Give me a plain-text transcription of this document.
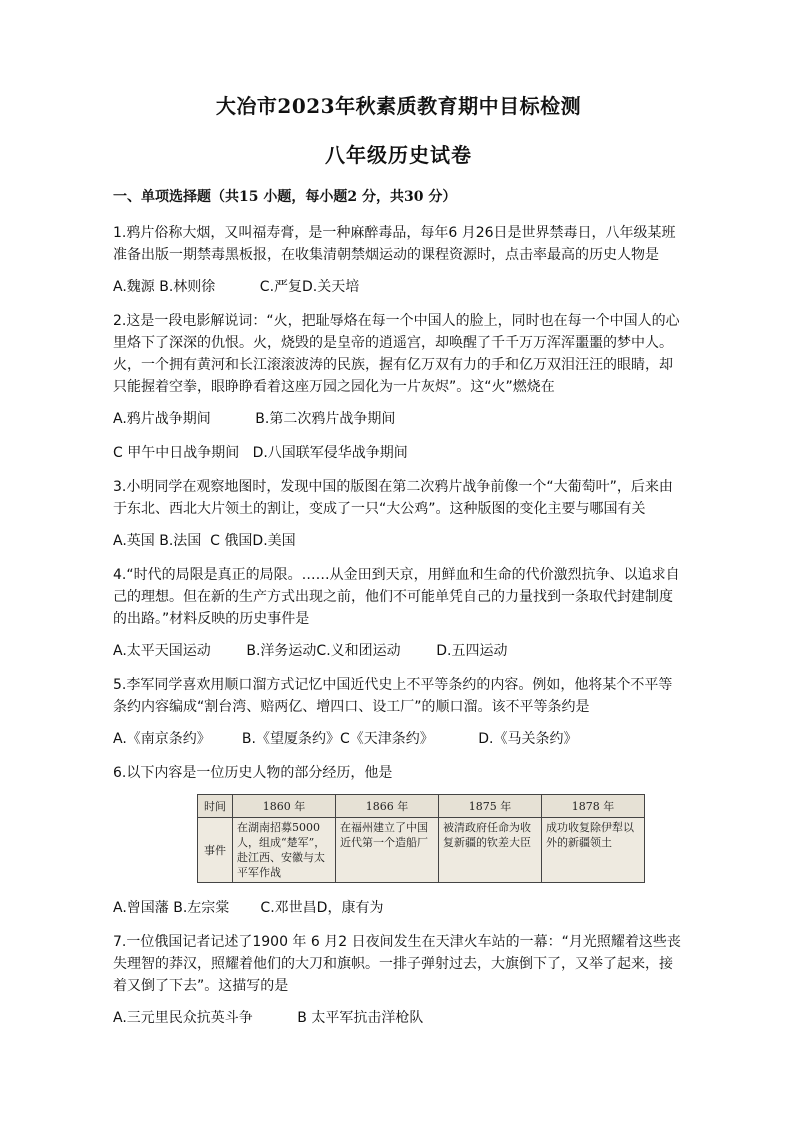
大冶市2023年秋素质教育期中目标检测
八年级历史试卷
一、单项选择题（共15 小题，每小题2 分，共30 分）
1.鸦片俗称大烟，又叫福寿膏，是一种麻醉毒品，每年6 月26日是世界禁毒日，八年级某班准备出版一期禁毒黑板报，在收集清朝禁烟运动的课程资源时，点击率最高的历史人物是
A.魏源 B.林则徐          C.严复D.关天培
2.这是一段电影解说词：“火，把耻辱烙在每一个中国人的脸上，同时也在每一个中国人的心里烙下了深深的仇恨。火，烧毁的是皇帝的逍遥宫，却唤醒了千千万万浑浑噩噩的梦中人。火，一个拥有黄河和长江滚滚波涛的民族，握有亿万双有力的手和亿万双泪汪汪的眼睛，却只能握着空拳，眼睁睁看着这座万园之园化为一片灰烬”。这“火”燃烧在
A.鸦片战争期间          B.第二次鸦片战争期间
C 甲午中日战争期间   D.八国联军侵华战争期间
3.小明同学在观察地图时，发现中国的版图在第二次鸦片战争前像一个“大葡萄叶”，后来由于东北、西北大片领土的割让，变成了一只“大公鸡”。这种版图的变化主要与哪国有关
A.英国 B.法国  C 俄国D.美国
4.“时代的局限是真正的局限。……从金田到天京，用鲜血和生命的代价激烈抗争、以追求自己的理想。但在新的生产方式出现之前，他们不可能单凭自己的力量找到一条取代封建制度的出路。”材料反映的历史事件是
A.太平天国运动        B.洋务运动C.义和团运动        D.五四运动
5.李军同学喜欢用顺口溜方式记忆中国近代史上不平等条约的内容。例如，他将某个不平等条约内容编成“割台湾、赔两亿、增四口、设工厂”的顺口溜。该不平等条约是
A.《南京条约》       B.《望厦条约》C《天津条约》          D.《马关条约》
6.以下内容是一位历史人物的部分经历，他是
时间	1860 年	1866 年	1875 年	1878 年
事件	在湖南招募5000人，组成“楚军”，赴江西、安徽与太平军作战	在福州建立了中国近代第一个造船厂	被清政府任命为收复新疆的钦差大臣	成功收复除伊犁以外的新疆领土
A.曾国藩 B.左宗棠       C.邓世昌D，康有为
7.一位俄国记者记述了1900 年 6 月2 日夜间发生在天津火车站的一幕：“月光照耀着这些丧失理智的莽汉，照耀着他们的大刀和旗帜。一排子弹射过去，大旗倒下了，又举了起来，接着又倒了下去”。这描写的是
A.三元里民众抗英斗争          B 太平军抗击洋枪队
